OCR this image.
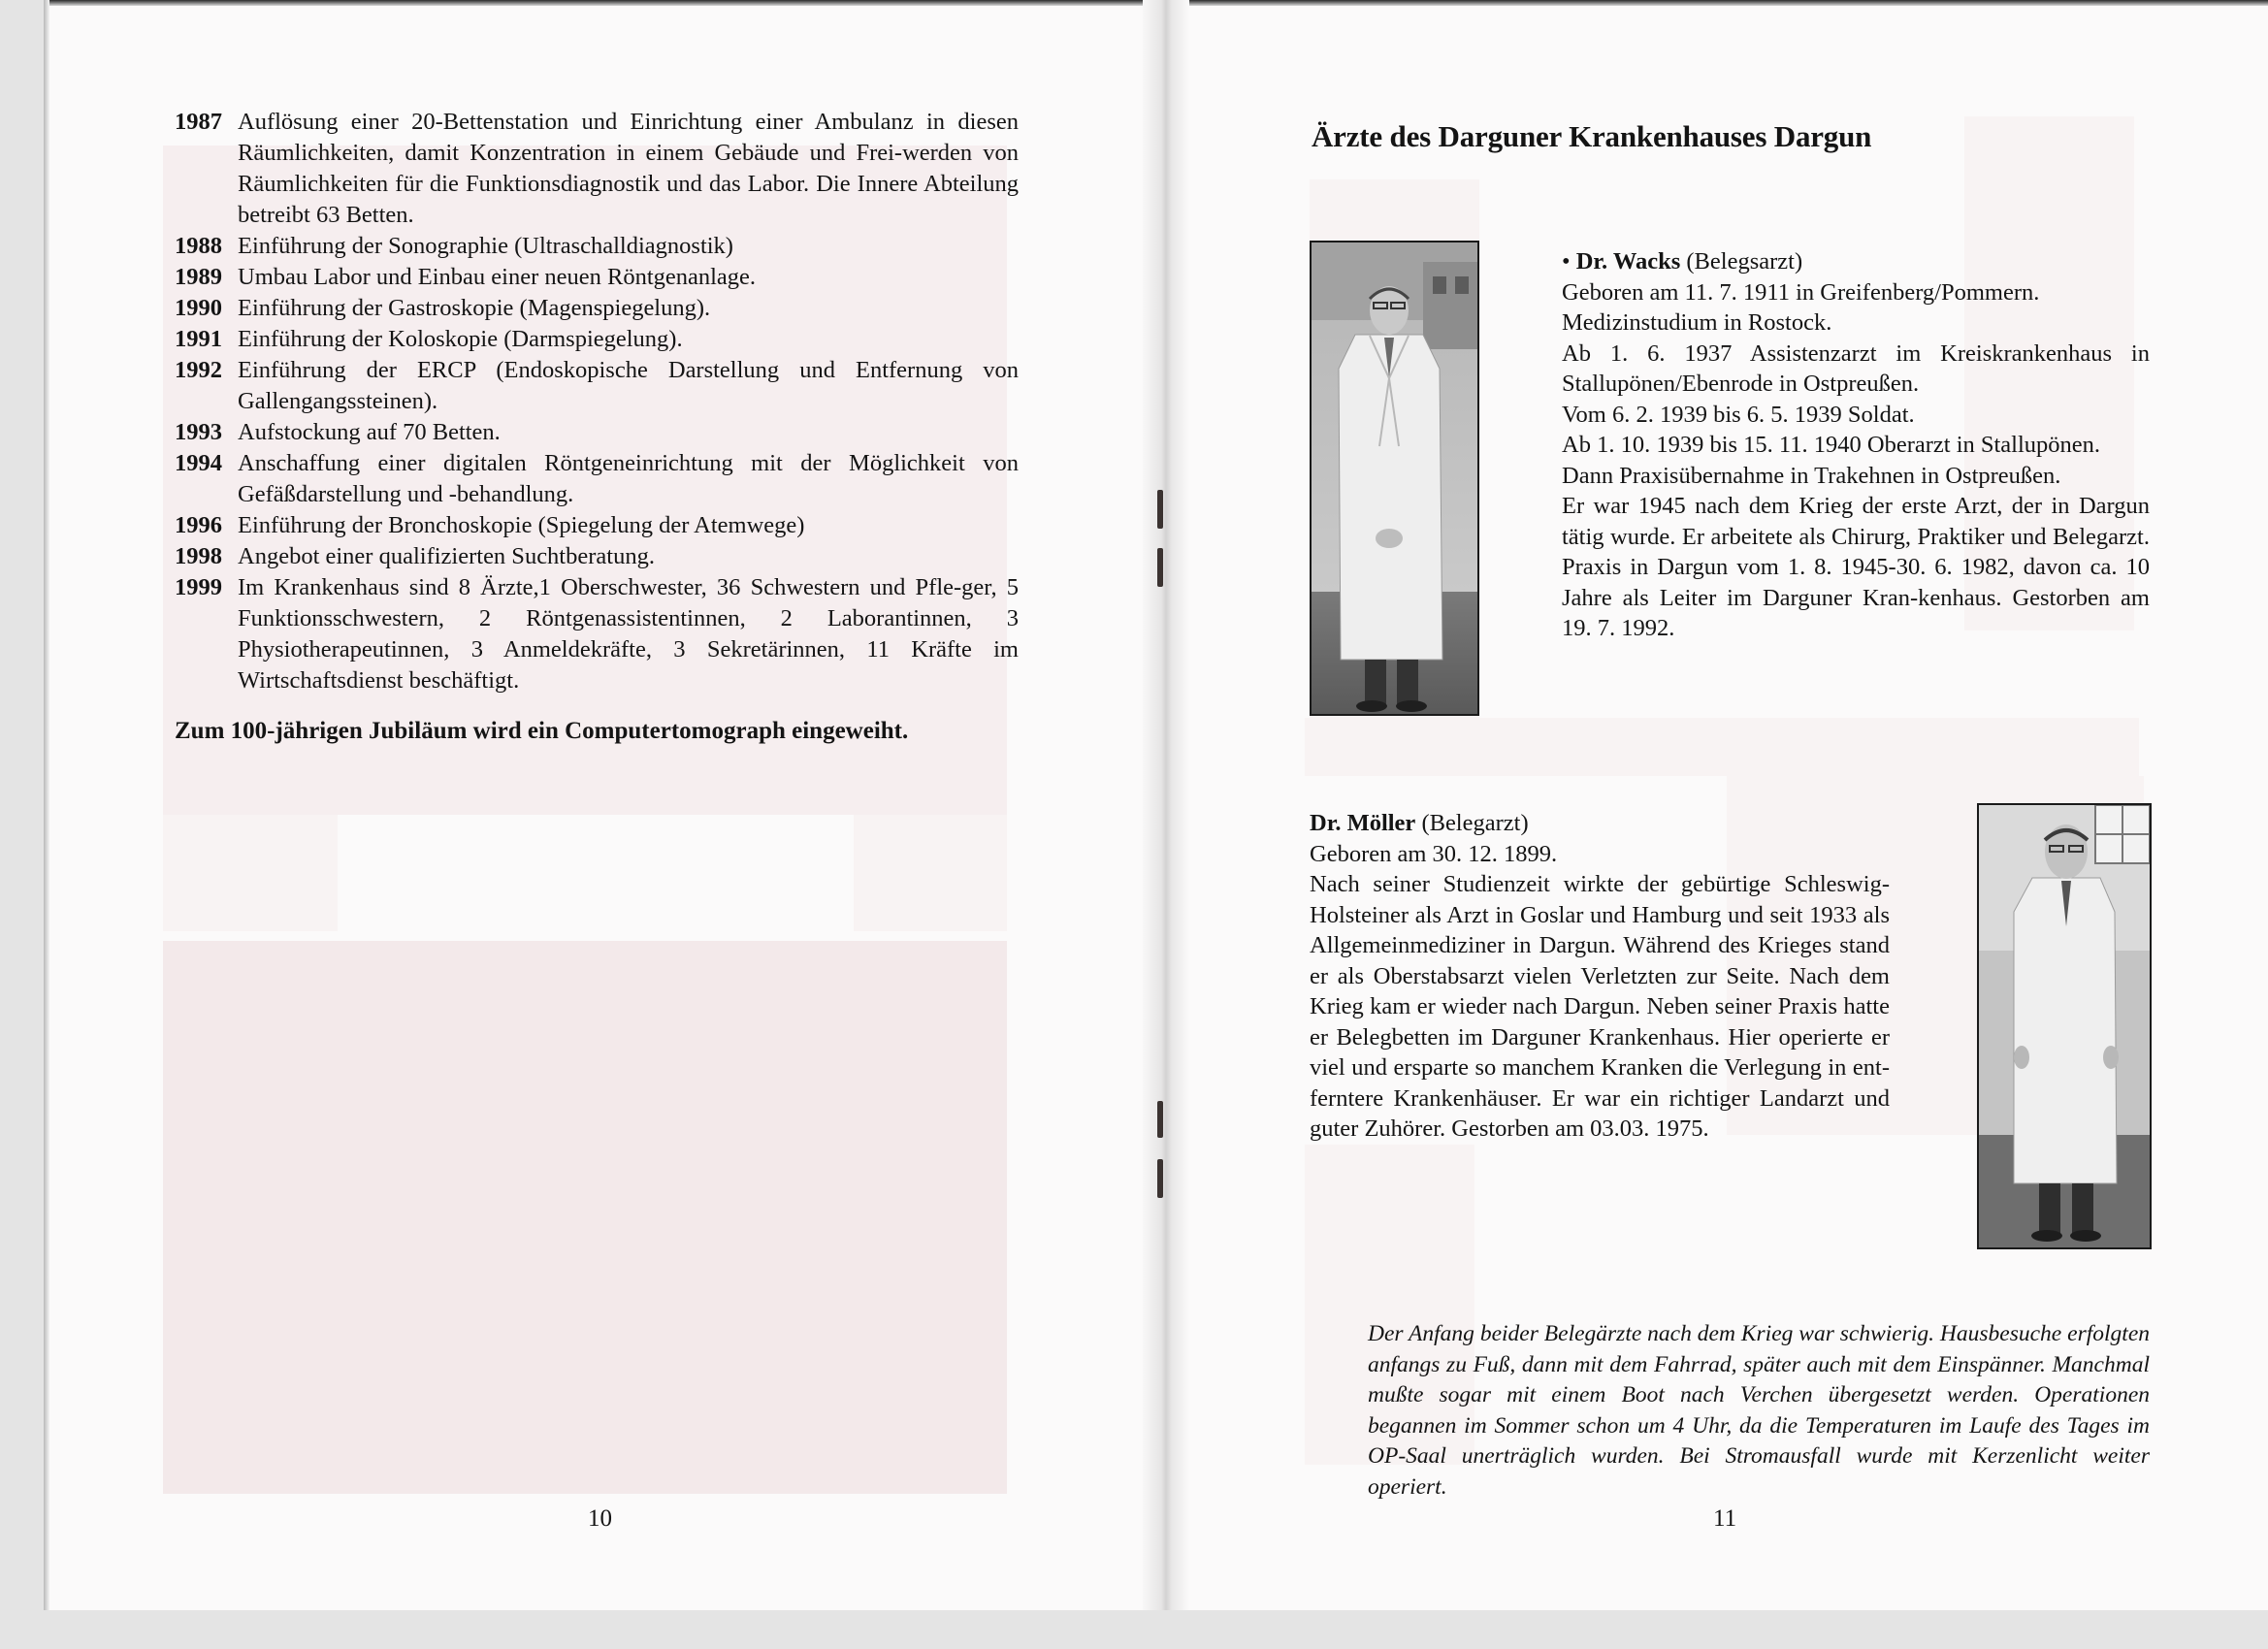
1987 Auflösung einer 20-Bettenstation und Einrichtung einer Ambulanz in diesen Räumlichkeiten, damit Konzentration in einem Gebäude und Frei-werden von Räumlichkeiten für die Funktionsdiagnostik und das Labor. Die Innere Abteilung betreibt 63 Betten.
1988 Einführung der Sonographie (Ultraschalldiagnostik)
1989 Umbau Labor und Einbau einer neuen Röntgenanlage.
1990 Einführung der Gastroskopie (Magenspiegelung).
1991 Einführung der Koloskopie (Darmspiegelung).
1992 Einführung der ERCP (Endoskopische Darstellung und Entfernung von Gallengangssteinen).
1993 Aufstockung auf 70 Betten.
1994 Anschaffung einer digitalen Röntgeneinrichtung mit der Möglichkeit von Gefäßdarstellung und -behandlung.
1996 Einführung der Bronchoskopie (Spiegelung der Atemwege)
1998 Angebot einer qualifizierten Suchtberatung.
1999 Im Krankenhaus sind 8 Ärzte,1 Oberschwester, 36 Schwestern und Pfle-ger, 5 Funktionsschwestern, 2 Röntgenassistentinnen, 2 Laborantinnen, 3 Physiotherapeutinnen, 3 Anmeldekräfte, 3 Sekretärinnen, 11 Kräfte im Wirtschaftsdienst beschäftigt.
Zum 100-jährigen Jubiläum wird ein Computertomograph eingeweiht.
10
Ärzte des Darguner Krankenhauses Dargun

• Dr. Wacks (Belegsarzt)

Geboren am 11. 7. 1911 in Greifenberg/Pommern.

Medizinstudium in Rostock.

Ab 1. 6. 1937 Assistenzarzt im Kreiskrankenhaus in Stallupönen/Ebenrode in Ostpreußen.

Vom 6. 2. 1939 bis 6. 5. 1939 Soldat.

Ab 1. 10. 1939 bis 15. 11. 1940 Oberarzt in Stallupönen.

Dann Praxisübernahme in Trakehnen in Ostpreußen.

Er war 1945 nach dem Krieg der erste Arzt, der in Dargun tätig wurde. Er arbeitete als Chirurg, Praktiker und Belegarzt. Praxis in Dargun vom 1. 8. 1945-30. 6. 1982, davon ca. 10 Jahre als Leiter im Darguner Kran-kenhaus. Gestorben am 19. 7. 1992.

Dr. Möller (Belegarzt)

Geboren am 30. 12. 1899.

Nach seiner Studienzeit wirkte der gebürtige Schleswig-Holsteiner als Arzt in Goslar und Hamburg und seit 1933 als Allgemeinmediziner in Dargun. Während des Krieges stand er als Oberstabsarzt vielen Verletzten zur Seite. Nach dem Krieg kam er wieder nach Dargun. Neben seiner Praxis hatte er Belegbetten im Darguner Krankenhaus. Hier operierte er viel und ersparte so manchem Kranken die Verlegung in ent-ferntere Krankenhäuser. Er war ein richtiger Landarzt und guter Zuhörer. Gestorben am 03.03. 1975.

Der Anfang beider Belegärzte nach dem Krieg war schwierig. Hausbesuche erfolgten anfangs zu Fuß, dann mit dem Fahrrad, später auch mit dem Einspänner. Manchmal mußte sogar mit einem Boot nach Verchen übergesetzt werden. Operationen begannen im Sommer schon um 4 Uhr, da die Temperaturen im Laufe des Tages im OP-Saal unerträglich wurden. Bei Stromausfall wurde mit Kerzenlicht weiter operiert.
11
